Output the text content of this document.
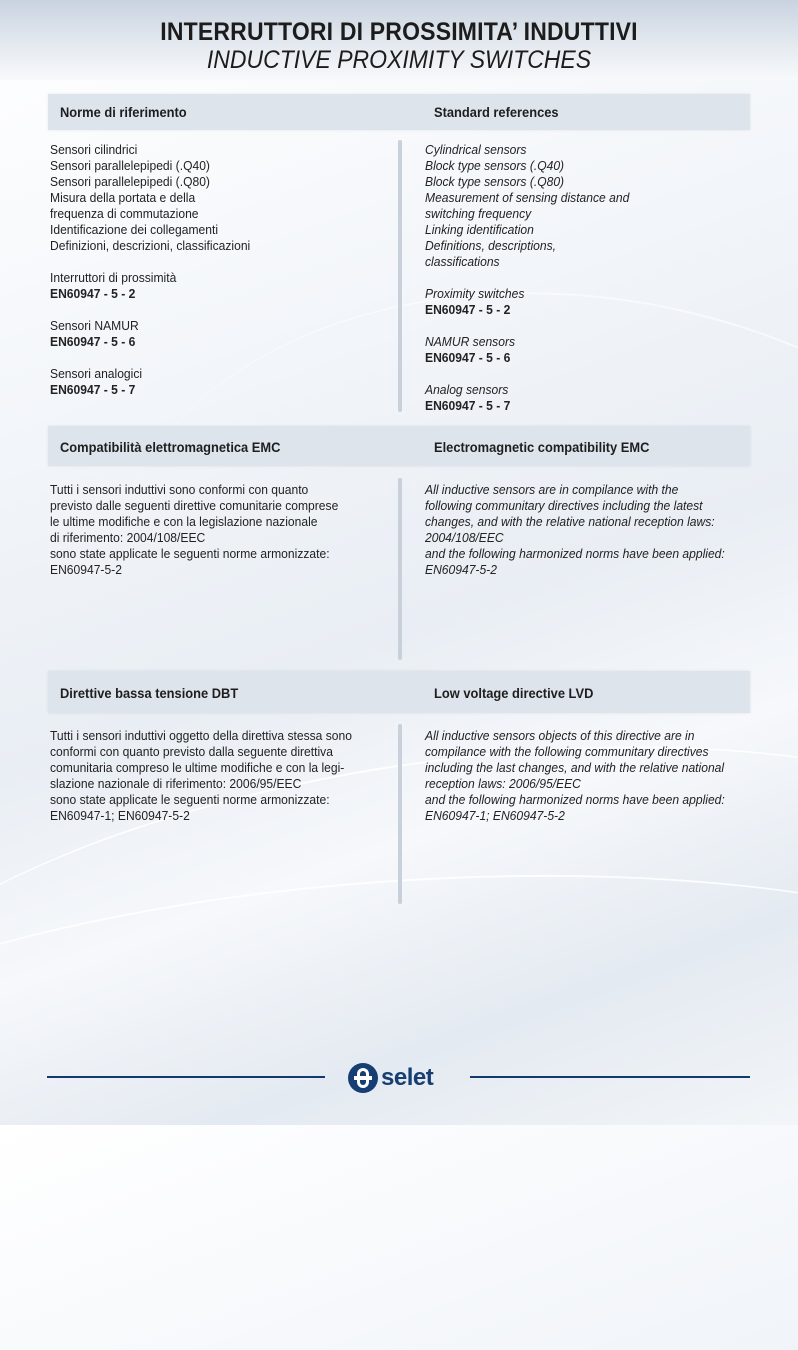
INTERRUTTORI DI PROSSIMITA’ INDUTTIVI
INDUCTIVE PROXIMITY SWITCHES
Norme di riferimento	Standard references
Sensori cilindrici
Sensori parallelepipedi (.Q40)
Sensori parallelepipedi (.Q80)
Misura della portata e della
frequenza di commutazione
Identificazione dei collegamenti
Definizioni, descrizioni, classificazioni
Interruttori di prossimità
EN60947 - 5 - 2
Sensori NAMUR
EN60947 - 5 - 6
Sensori analogici
EN60947 - 5 - 7
Cylindrical sensors
Block type sensors (.Q40)
Block type sensors (.Q80)
Measurement of sensing distance and
switching frequency
Linking identification
Definitions, descriptions,
classifications
Proximity switches
EN60947 - 5 - 2
NAMUR sensors
EN60947 - 5 - 6
Analog sensors
EN60947 - 5 - 7
Compatibilità elettromagnetica EMC	Electromagnetic compatibility EMC
Tutti i sensori induttivi sono conformi con quanto
previsto dalle seguenti direttive comunitarie comprese
le ultime modifiche e con la legislazione nazionale
di riferimento: 2004/108/EEC
sono state applicate le seguenti norme armonizzate:
EN60947-5-2
All inductive sensors are in compilance with the
following communitary directives including the latest
changes, and with the relative national reception laws:
2004/108/EEC
and the following harmonized norms have been applied:
EN60947-5-2
Direttive bassa tensione DBT	Low voltage directive LVD
Tutti i sensori induttivi oggetto della direttiva stessa sono
conformi con quanto previsto dalla seguente direttiva
comunitaria compreso le ultime modifiche e con la legi-
slazione nazionale di riferimento: 2006/95/EEC
sono state applicate le seguenti norme armonizzate:
EN60947-1; EN60947-5-2
All inductive sensors objects of this directive are in
compilance with the following communitary directives
including the last changes, and with the relative national
reception laws: 2006/95/EEC
and the following harmonized norms have been applied:
EN60947-1; EN60947-5-2
selet
